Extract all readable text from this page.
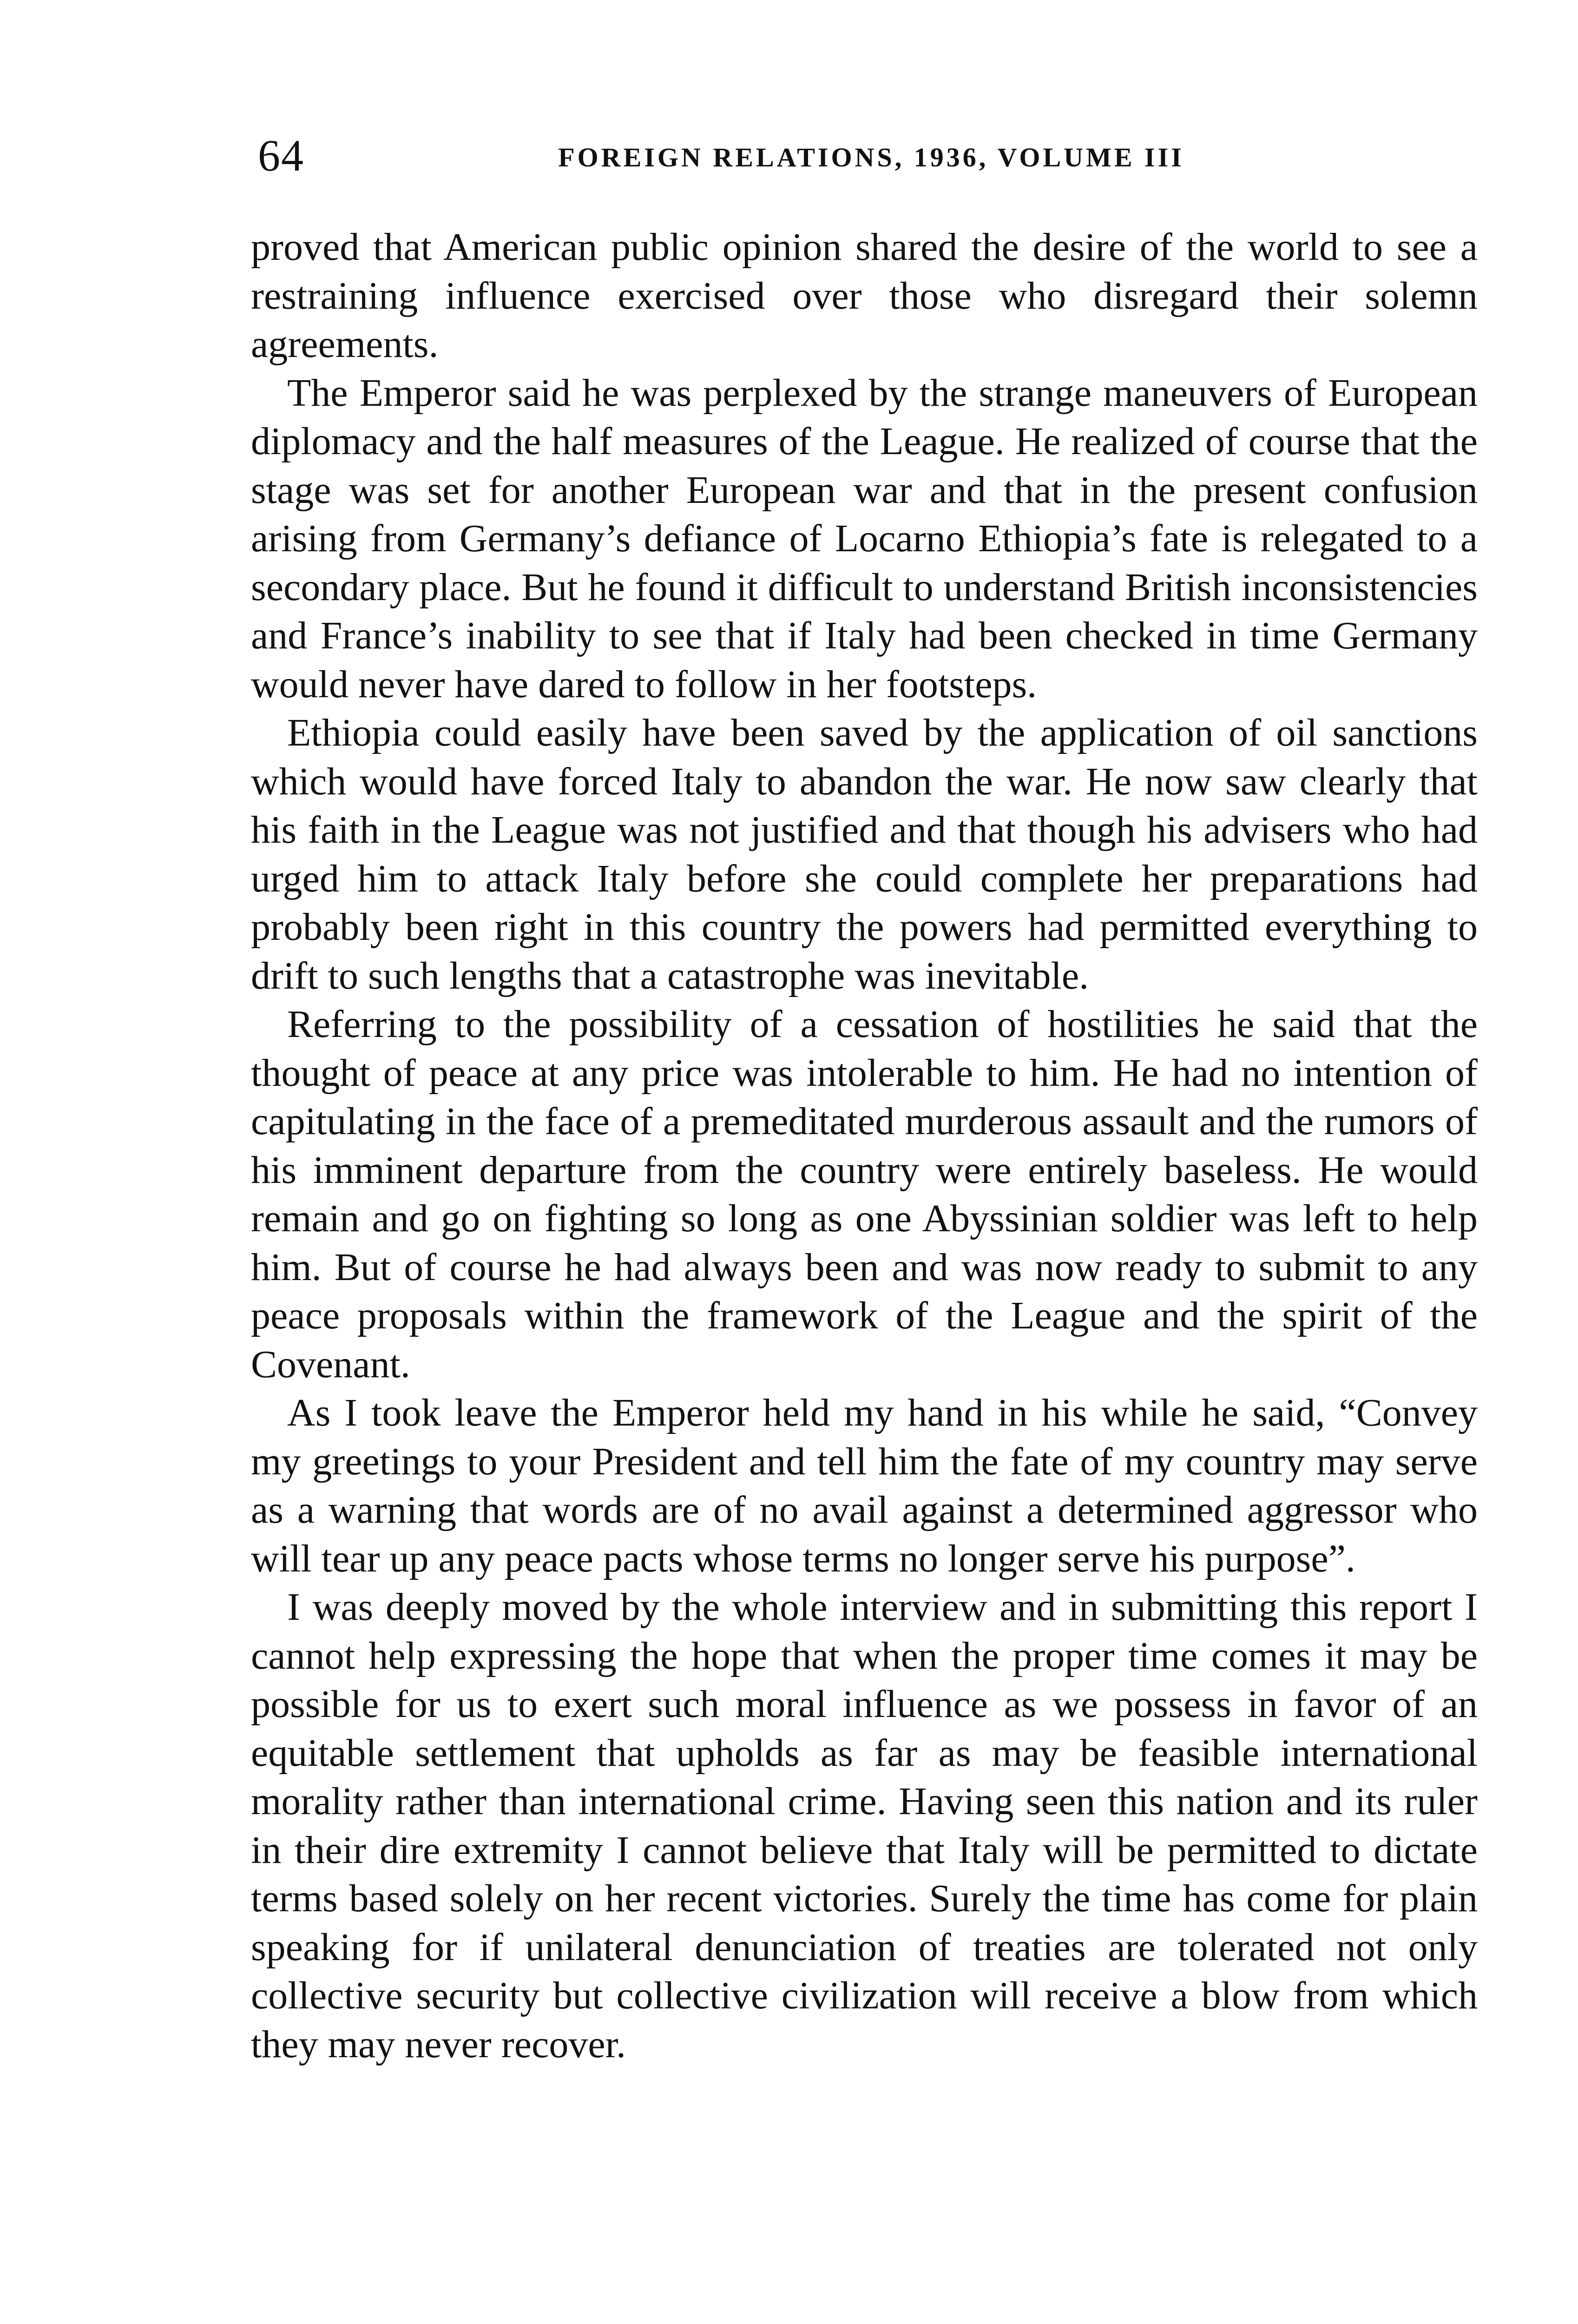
64	FOREIGN RELATIONS, 1936, VOLUME III

proved that American public opinion shared the desire of the world to see a restraining influence exercised over those who disregard their solemn agreements.

The Emperor said he was perplexed by the strange maneuvers of European diplomacy and the half measures of the League. He realized of course that the stage was set for another European war and that in the present confusion arising from Germany’s defiance of Locarno Ethiopia’s fate is relegated to a secondary place. But he found it difficult to understand British inconsistencies and France’s inability to see that if Italy had been checked in time Germany would never have dared to follow in her footsteps.

Ethiopia could easily have been saved by the application of oil sanctions which would have forced Italy to abandon the war. He now saw clearly that his faith in the League was not justified and that though his advisers who had urged him to attack Italy before she could complete her preparations had probably been right in this country the powers had permitted everything to drift to such lengths that a catastrophe was inevitable.

Referring to the possibility of a cessation of hostilities he said that the thought of peace at any price was intolerable to him. He had no intention of capitulating in the face of a premeditated murderous assault and the rumors of his imminent departure from the country were entirely baseless. He would remain and go on fighting so long as one Abyssinian soldier was left to help him. But of course he had always been and was now ready to submit to any peace proposals within the framework of the League and the spirit of the Covenant.

As I took leave the Emperor held my hand in his while he said, “Convey my greetings to your President and tell him the fate of my country may serve as a warning that words are of no avail against a determined aggressor who will tear up any peace pacts whose terms no longer serve his purpose”.

I was deeply moved by the whole interview and in submitting this report I cannot help expressing the hope that when the proper time comes it may be possible for us to exert such moral influence as we possess in favor of an equitable settlement that upholds as far as may be feasible international morality rather than international crime. Having seen this nation and its ruler in their dire extremity I cannot believe that Italy will be permitted to dictate terms based solely on her recent victories. Surely the time has come for plain speaking for if unilateral denunciation of treaties are tolerated not only collective security but collective civilization will receive a blow from which they may never recover.
